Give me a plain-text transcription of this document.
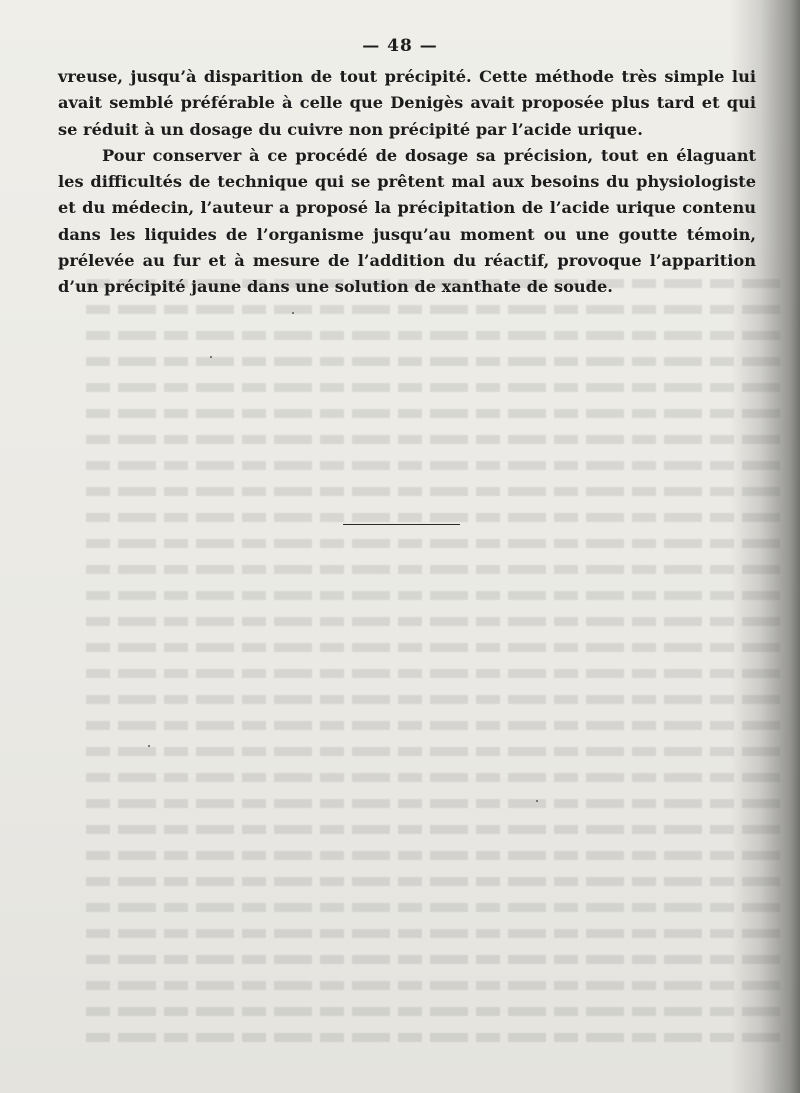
— 48 —

vreuse, jusqu’à disparition de tout précipité. Cette méthode très simple lui avait semblé préférable à celle que Denigès avait proposée plus tard et qui se réduit à un dosage du cuivre non précipité par l’acide urique.

Pour conserver à ce procédé de dosage sa précision, tout en élaguant les difficultés de technique qui se prêtent mal aux besoins du physiologiste et du médecin, l’auteur a proposé la précipitation de l’acide urique contenu dans les liquides de l’organisme jusqu’au moment ou une goutte témoin, prélevée au fur et à mesure de l’addition du réactif, provoque l’apparition d’un précipité jaune dans une solution de xanthate de soude.
